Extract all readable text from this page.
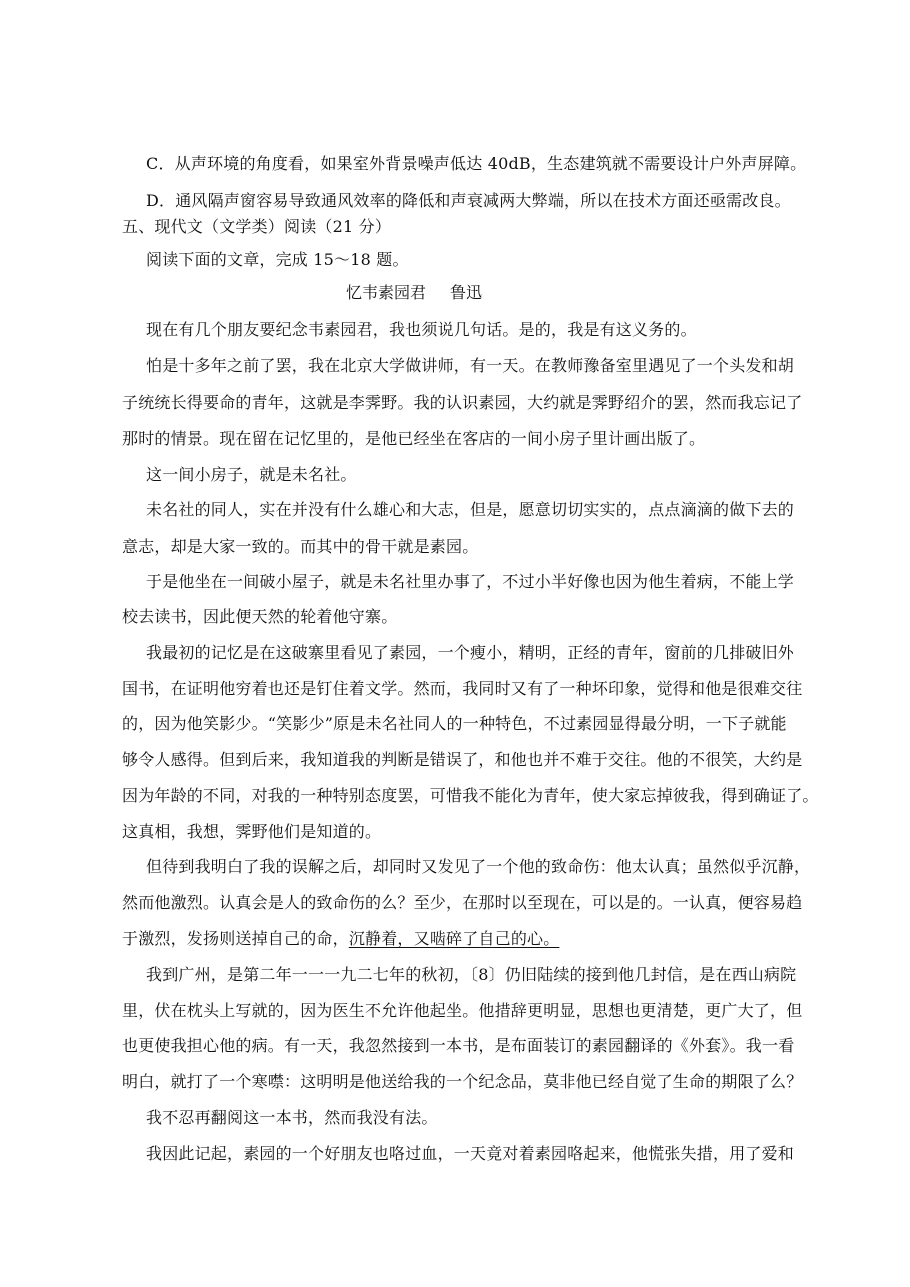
C．从声环境的角度看，如果室外背景噪声低达 40dB，生态建筑就不需要设计户外声屏障。
D．通风隔声窗容易导致通风效率的降低和声衰减两大弊端，所以在技术方面还亟需改良。
五、现代文（文学类）阅读（21 分）
阅读下面的文章，完成 15～18 题。
忆韦素园君 鲁迅
现在有几个朋友要纪念韦素园君，我也须说几句话。是的，我是有这义务的。
怕是十多年之前了罢，我在北京大学做讲师，有一天。在教师豫备室里遇见了一个头发和胡
子统统长得要命的青年，这就是李霁野。我的认识素园，大约就是霁野绍介的罢，然而我忘记了
那时的情景。现在留在记忆里的，是他已经坐在客店的一间小房子里计画出版了。
这一间小房子，就是未名社。
未名社的同人，实在并没有什么雄心和大志，但是，愿意切切实实的，点点滴滴的做下去的
意志，却是大家一致的。而其中的骨干就是素园。
于是他坐在一间破小屋子，就是未名社里办事了，不过小半好像也因为他生着病，不能上学
校去读书，因此便天然的轮着他守寨。
我最初的记忆是在这破寨里看见了素园，一个瘦小，精明，正经的青年，窗前的几排破旧外
国书，在证明他穷着也还是钉住着文学。然而，我同时又有了一种坏印象，觉得和他是很难交往
的，因为他笑影少。“笑影少”原是未名社同人的一种特色，不过素园显得最分明，一下子就能
够令人感得。但到后来，我知道我的判断是错误了，和他也并不难于交往。他的不很笑，大约是
因为年龄的不同，对我的一种特别态度罢，可惜我不能化为青年，使大家忘掉彼我，得到确证了。
这真相，我想，霁野他们是知道的。
但待到我明白了我的误解之后，却同时又发见了一个他的致命伤：他太认真；虽然似乎沉静，
然而他激烈。认真会是人的致命伤的么？至少，在那时以至现在，可以是的。一认真，便容易趋
于激烈，发扬则送掉自己的命，沉静着，又啮碎了自己的心。
我到广州，是第二年一一一九二七年的秋初，〔8〕仍旧陆续的接到他几封信，是在西山病院
里，伏在枕头上写就的，因为医生不允许他起坐。他措辞更明显，思想也更清楚，更广大了，但
也更使我担心他的病。有一天，我忽然接到一本书，是布面装订的素园翻译的《外套》。我一看
明白，就打了一个寒噤：这明明是他送给我的一个纪念品，莫非他已经自觉了生命的期限了么？
我不忍再翻阅这一本书，然而我没有法。
我因此记起，素园的一个好朋友也咯过血，一天竟对着素园咯起来，他慌张失措，用了爱和
